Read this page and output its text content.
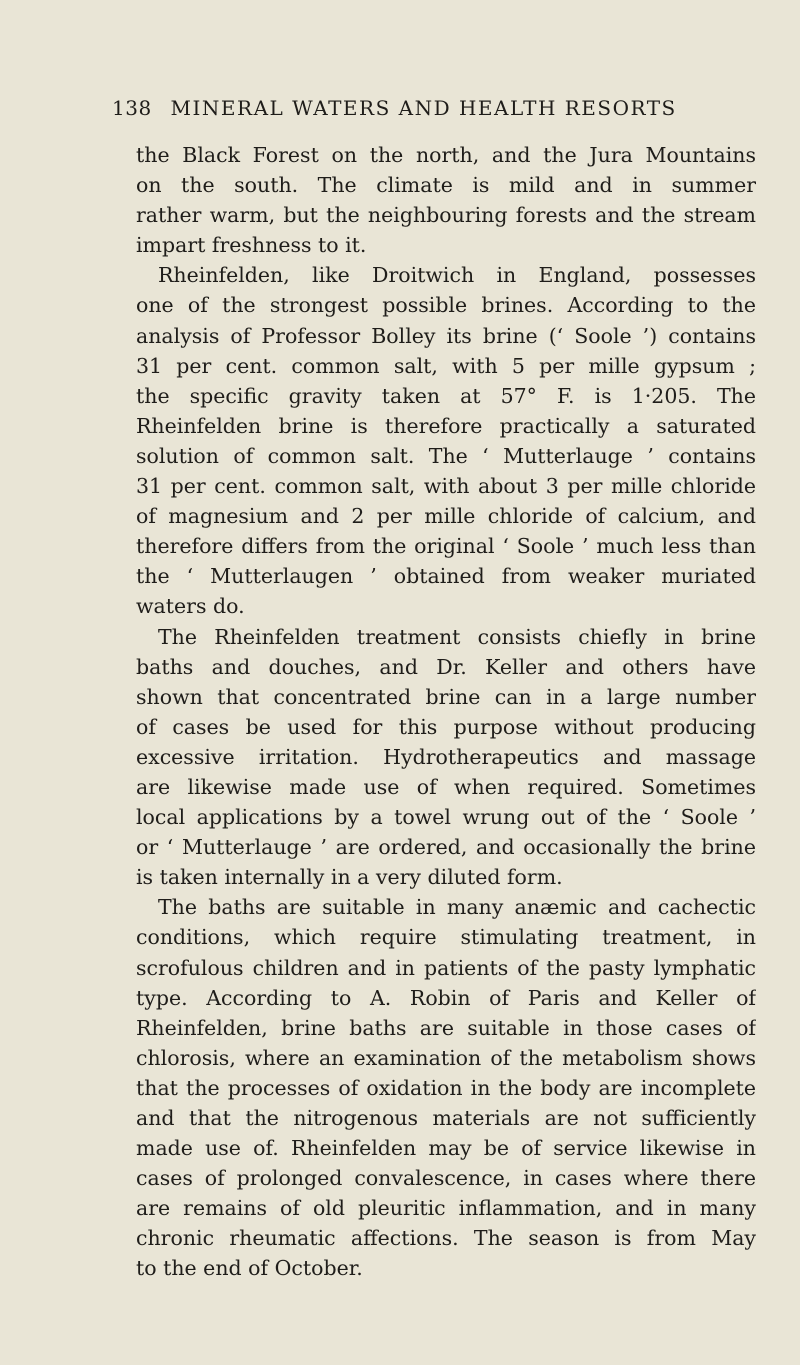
138 MINERAL WATERS AND HEALTH RESORTS
the Black Forest on the north, and the Jura Mountains
on the south. The climate is mild and in summer
rather warm, but the neighbouring forests and the stream
impart freshness to it.
Rheinfelden, like Droitwich in England, possesses
one of the strongest possible brines. According to the
analysis of Professor Bolley its brine (‘ Soole ’) contains
31 per cent. common salt, with 5 per mille gypsum ;
the specific gravity taken at 57° F. is 1·205. The
Rheinfelden brine is therefore practically a saturated
solution of common salt. The ‘ Mutterlauge ’ contains
31 per cent. common salt, with about 3 per mille chloride
of magnesium and 2 per mille chloride of calcium, and
therefore differs from the original ‘ Soole ’ much less than
the ‘ Mutterlaugen ’ obtained from weaker muriated
waters do.
The Rheinfelden treatment consists chiefly in brine
baths and douches, and Dr. Keller and others have
shown that concentrated brine can in a large number
of cases be used for this purpose without producing
excessive irritation. Hydrotherapeutics and massage
are likewise made use of when required. Sometimes
local applications by a towel wrung out of the ‘ Soole ’
or ‘ Mutterlauge ’ are ordered, and occasionally the brine
is taken internally in a very diluted form.
The baths are suitable in many anæmic and cachectic
conditions, which require stimulating treatment, in
scrofulous children and in patients of the pasty lymphatic
type. According to A. Robin of Paris and Keller of
Rheinfelden, brine baths are suitable in those cases of
chlorosis, where an examination of the metabolism shows
that the processes of oxidation in the body are incomplete
and that the nitrogenous materials are not sufficiently
made use of. Rheinfelden may be of service likewise in
cases of prolonged convalescence, in cases where there
are remains of old pleuritic inflammation, and in many
chronic rheumatic affections. The season is from May
to the end of October.
